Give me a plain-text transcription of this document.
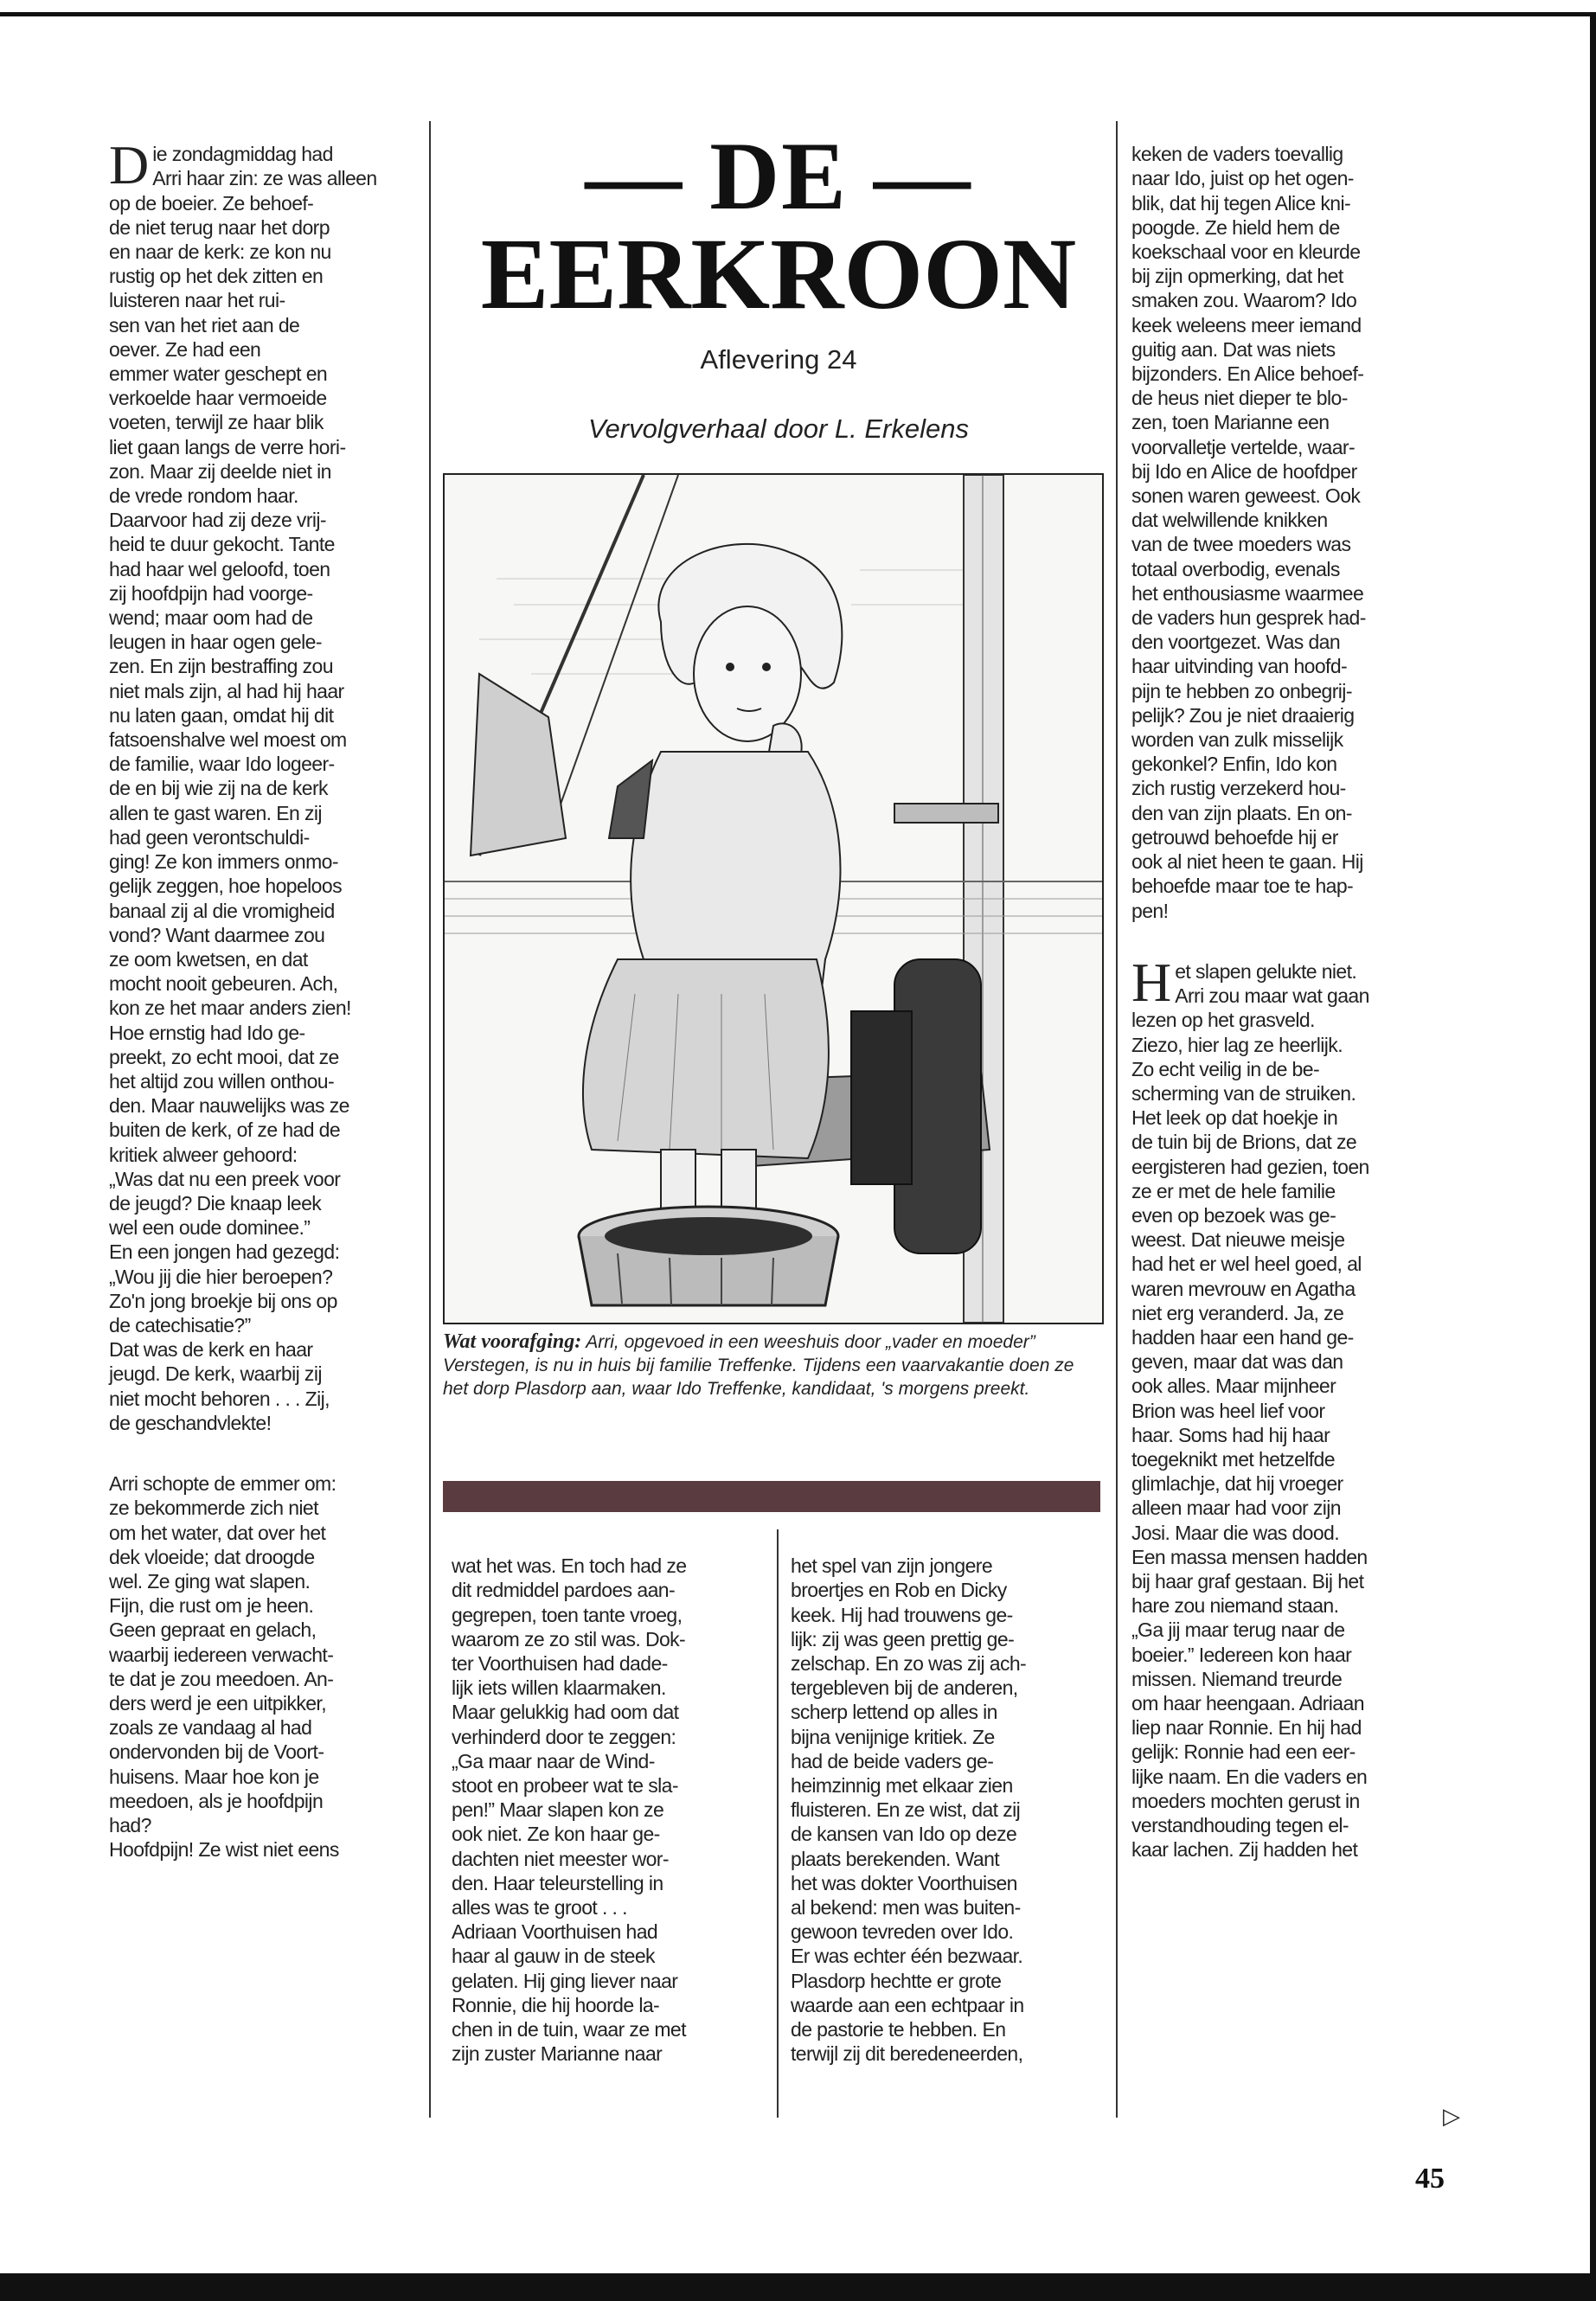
Die zondagmiddag had
Arri haar zin: ze was alleen
op de boeier. Ze behoef-
de niet terug naar het dorp
en naar de kerk: ze kon nu
rustig op het dek zitten en
luisteren naar het rui-
sen van het riet aan de
oever. Ze had een
emmer water geschept en
verkoelde haar vermoeide
voeten, terwijl ze haar blik
liet gaan langs de verre hori-
zon. Maar zij deelde niet in
de vrede rondom haar.
Daarvoor had zij deze vrij-
heid te duur gekocht. Tante
had haar wel geloofd, toen
zij hoofdpijn had voorge-
wend; maar oom had de
leugen in haar ogen gele-
zen. En zijn bestraffing zou
niet mals zijn, al had hij haar
nu laten gaan, omdat hij dit
fatsoenshalve wel moest om
de familie, waar Ido logeer-
de en bij wie zij na de kerk
allen te gast waren. En zij
had geen verontschuldi-
ging! Ze kon immers onmo-
gelijk zeggen, hoe hopeloos
banaal zij al die vromigheid
vond? Want daarmee zou
ze oom kwetsen, en dat
mocht nooit gebeuren. Ach,
kon ze het maar anders zien!
Hoe ernstig had Ido ge-
preekt, zo echt mooi, dat ze
het altijd zou willen onthou-
den. Maar nauwelijks was ze
buiten de kerk, of ze had de
kritiek alweer gehoord:
„Was dat nu een preek voor
de jeugd? Die knaap leek
wel een oude dominee.”
En een jongen had gezegd:
„Wou jij die hier beroepen?
Zo'n jong broekje bij ons op
de catechisatie?”
Dat was de kerk en haar
jeugd. De kerk, waarbij zij
niet mocht behoren . . . Zij,
de geschandvlekte!

Arri schopte de emmer om:
ze bekommerde zich niet
om het water, dat over het
dek vloeide; dat droogde
wel. Ze ging wat slapen.
Fijn, die rust om je heen.
Geen gepraat en gelach,
waarbij iedereen verwacht-
te dat je zou meedoen. An-
ders werd je een uitpikker,
zoals ze vandaag al had
ondervonden bij de Voort-
huisens. Maar hoe kon je
meedoen, als je hoofdpijn
had?
Hoofdpijn! Ze wist niet eens

— DE —
EERKROON
Aflevering 24
Vervolgverhaal door L. Erkelens
Wat voorafging: Arri, opgevoed in een weeshuis door „vader en moeder” Verstegen, is nu in huis bij familie Treffenke. Tijdens een vaarvakantie doen ze het dorp Plasdorp aan, waar Ido Treffenke, kandidaat, 's morgens preekt.

wat het was. En toch had ze
dit redmiddel pardoes aan-
gegrepen, toen tante vroeg,
waarom ze zo stil was. Dok-
ter Voorthuisen had dade-
lijk iets willen klaarmaken.
Maar gelukkig had oom dat
verhinderd door te zeggen:
„Ga maar naar de Wind-
stoot en probeer wat te sla-
pen!” Maar slapen kon ze
ook niet. Ze kon haar ge-
dachten niet meester wor-
den. Haar teleurstelling in
alles was te groot . . .
Adriaan Voorthuisen had
haar al gauw in de steek
gelaten. Hij ging liever naar
Ronnie, die hij hoorde la-
chen in de tuin, waar ze met
zijn zuster Marianne naar

het spel van zijn jongere
broertjes en Rob en Dicky
keek. Hij had trouwens ge-
lijk: zij was geen prettig ge-
zelschap. En zo was zij ach-
tergebleven bij de anderen,
scherp lettend op alles in
bijna venijnige kritiek. Ze
had de beide vaders ge-
heimzinnig met elkaar zien
fluisteren. En ze wist, dat zij
de kansen van Ido op deze
plaats berekenden. Want
het was dokter Voorthuisen
al bekend: men was buiten-
gewoon tevreden over Ido.
Er was echter één bezwaar.
Plasdorp hechtte er grote
waarde aan een echtpaar in
de pastorie te hebben. En
terwijl zij dit beredeneerden,

keken de vaders toevallig
naar Ido, juist op het ogen-
blik, dat hij tegen Alice kni-
poogde. Ze hield hem de
koekschaal voor en kleurde
bij zijn opmerking, dat het
smaken zou. Waarom? Ido
keek weleens meer iemand
guitig aan. Dat was niets
bijzonders. En Alice behoef-
de heus niet dieper te blo-
zen, toen Marianne een
voorvalletje vertelde, waar-
bij Ido en Alice de hoofdper
sonen waren geweest. Ook
dat welwillende knikken
van de twee moeders was
totaal overbodig, evenals
het enthousiasme waarmee
de vaders hun gesprek had-
den voortgezet. Was dan
haar uitvinding van hoofd-
pijn te hebben zo onbegrij-
pelijk? Zou je niet draaierig
worden van zulk misselijk
gekonkel? Enfin, Ido kon
zich rustig verzekerd hou-
den van zijn plaats. En on-
getrouwd behoefde hij er
ook al niet heen te gaan. Hij
behoefde maar toe te hap-
pen!

Het slapen gelukte niet.
Arri zou maar wat gaan
lezen op het grasveld.
Ziezo, hier lag ze heerlijk.
Zo echt veilig in de be-
scherming van de struiken.
Het leek op dat hoekje in
de tuin bij de Brions, dat ze
eergisteren had gezien, toen
ze er met de hele familie
even op bezoek was ge-
weest. Dat nieuwe meisje
had het er wel heel goed, al
waren mevrouw en Agatha
niet erg veranderd. Ja, ze
hadden haar een hand ge-
geven, maar dat was dan
ook alles. Maar mijnheer
Brion was heel lief voor
haar. Soms had hij haar
toegeknikt met hetzelfde
glimlachje, dat hij vroeger
alleen maar had voor zijn
Josi. Maar die was dood.
Een massa mensen hadden
bij haar graf gestaan. Bij het
hare zou niemand staan.
„Ga jij maar terug naar de
boeier.” Iedereen kon haar
missen. Niemand treurde
om haar heengaan. Adriaan
liep naar Ronnie. En hij had
gelijk: Ronnie had een eer-
lijke naam. En die vaders en
moeders mochten gerust in
verstandhouding tegen el-
kaar lachen. Zij hadden het

▷
45
